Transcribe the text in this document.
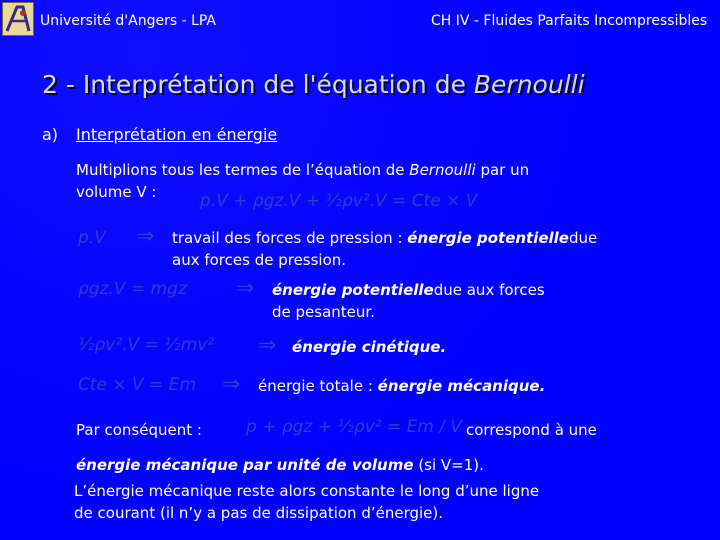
Université d'Angers - LPA	CH IV - Fluides Parfaits Incompressibles
2 - Interprétation de l'équation de Bernoulli
a) Interprétation en énergie
Multiplions tous les termes de l’équation de Bernoulli par un
volume V :	p.V + ρgz.V + ½ρv².V = Cte × V
p.V ⇒ travail des forces de pression : énergie potentielledue
aux forces de pression.
ρgz.V = mgz ⇒ énergie potentielledue aux forces
de pesanteur.
½ρv².V = ½mv² ⇒ énergie cinétique.
Cte × V = Em ⇒ énergie totale : énergie mécanique.
Par conséquent :	p + ρgz + ½ρv² = Em / V correspond à une
énergie mécanique par unité de volume (si V=1).
L’énergie mécanique reste alors constante le long d’une ligne
de courant (il n’y a pas de dissipation d’énergie).
